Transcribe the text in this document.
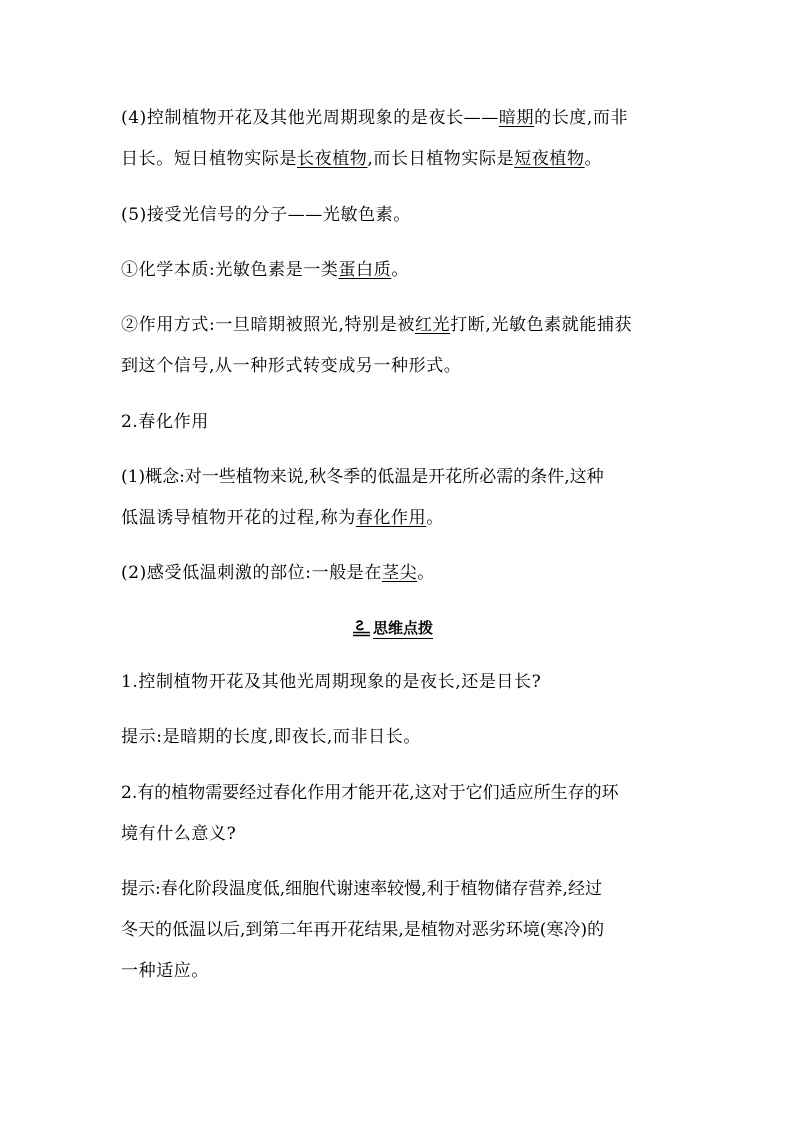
(4)控制植物开花及其他光周期现象的是夜长——暗期的长度,而非
日长。短日植物实际是长夜植物,而长日植物实际是短夜植物。
(5)接受光信号的分子——光敏色素。
①化学本质:光敏色素是一类蛋白质。
②作用方式:一旦暗期被照光,特别是被红光打断,光敏色素就能捕获
到这个信号,从一种形式转变成另一种形式。
2.春化作用
(1)概念:对一些植物来说,秋冬季的低温是开花所必需的条件,这种
低温诱导植物开花的过程,称为春化作用。
(2)感受低温刺激的部位:一般是在茎尖。
思维点拨
1.控制植物开花及其他光周期现象的是夜长,还是日长?
提示:是暗期的长度,即夜长,而非日长。
2.有的植物需要经过春化作用才能开花,这对于它们适应所生存的环
境有什么意义?
提示:春化阶段温度低,细胞代谢速率较慢,利于植物储存营养,经过
冬天的低温以后,到第二年再开花结果,是植物对恶劣环境(寒冷)的
一种适应。
